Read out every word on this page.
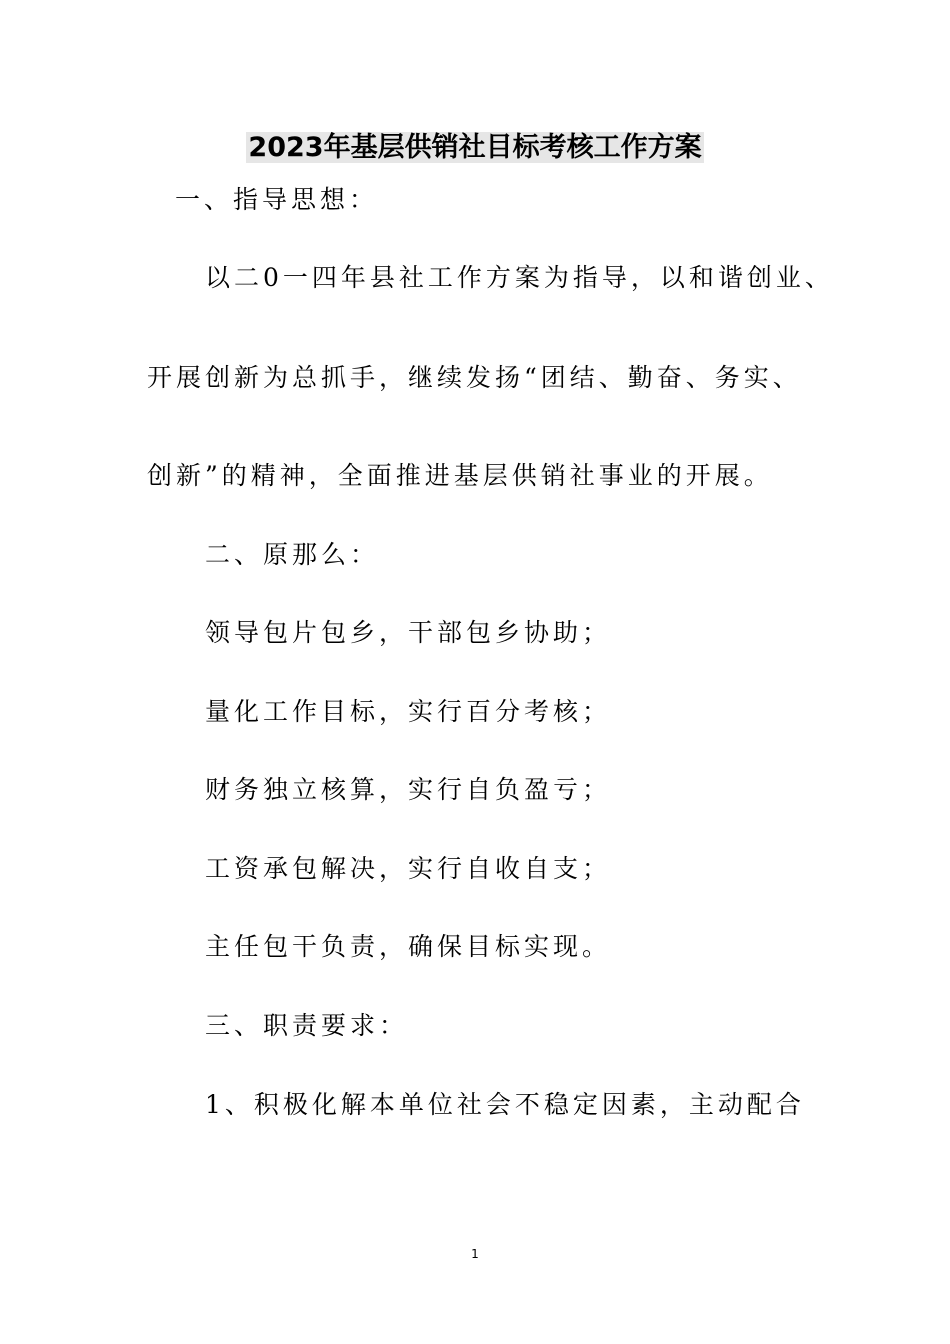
2023年基层供销社目标考核工作方案
一、指导思想：
以二0一四年县社工作方案为指导，以和谐创业、
开展创新为总抓手，继续发扬“团结、勤奋、务实、
创新”的精神，全面推进基层供销社事业的开展。
二、原那么：
领导包片包乡，干部包乡协助；
量化工作目标，实行百分考核；
财务独立核算，实行自负盈亏；
工资承包解决，实行自收自支；
主任包干负责，确保目标实现。
三、职责要求：
1、积极化解本单位社会不稳定因素，主动配合
1
